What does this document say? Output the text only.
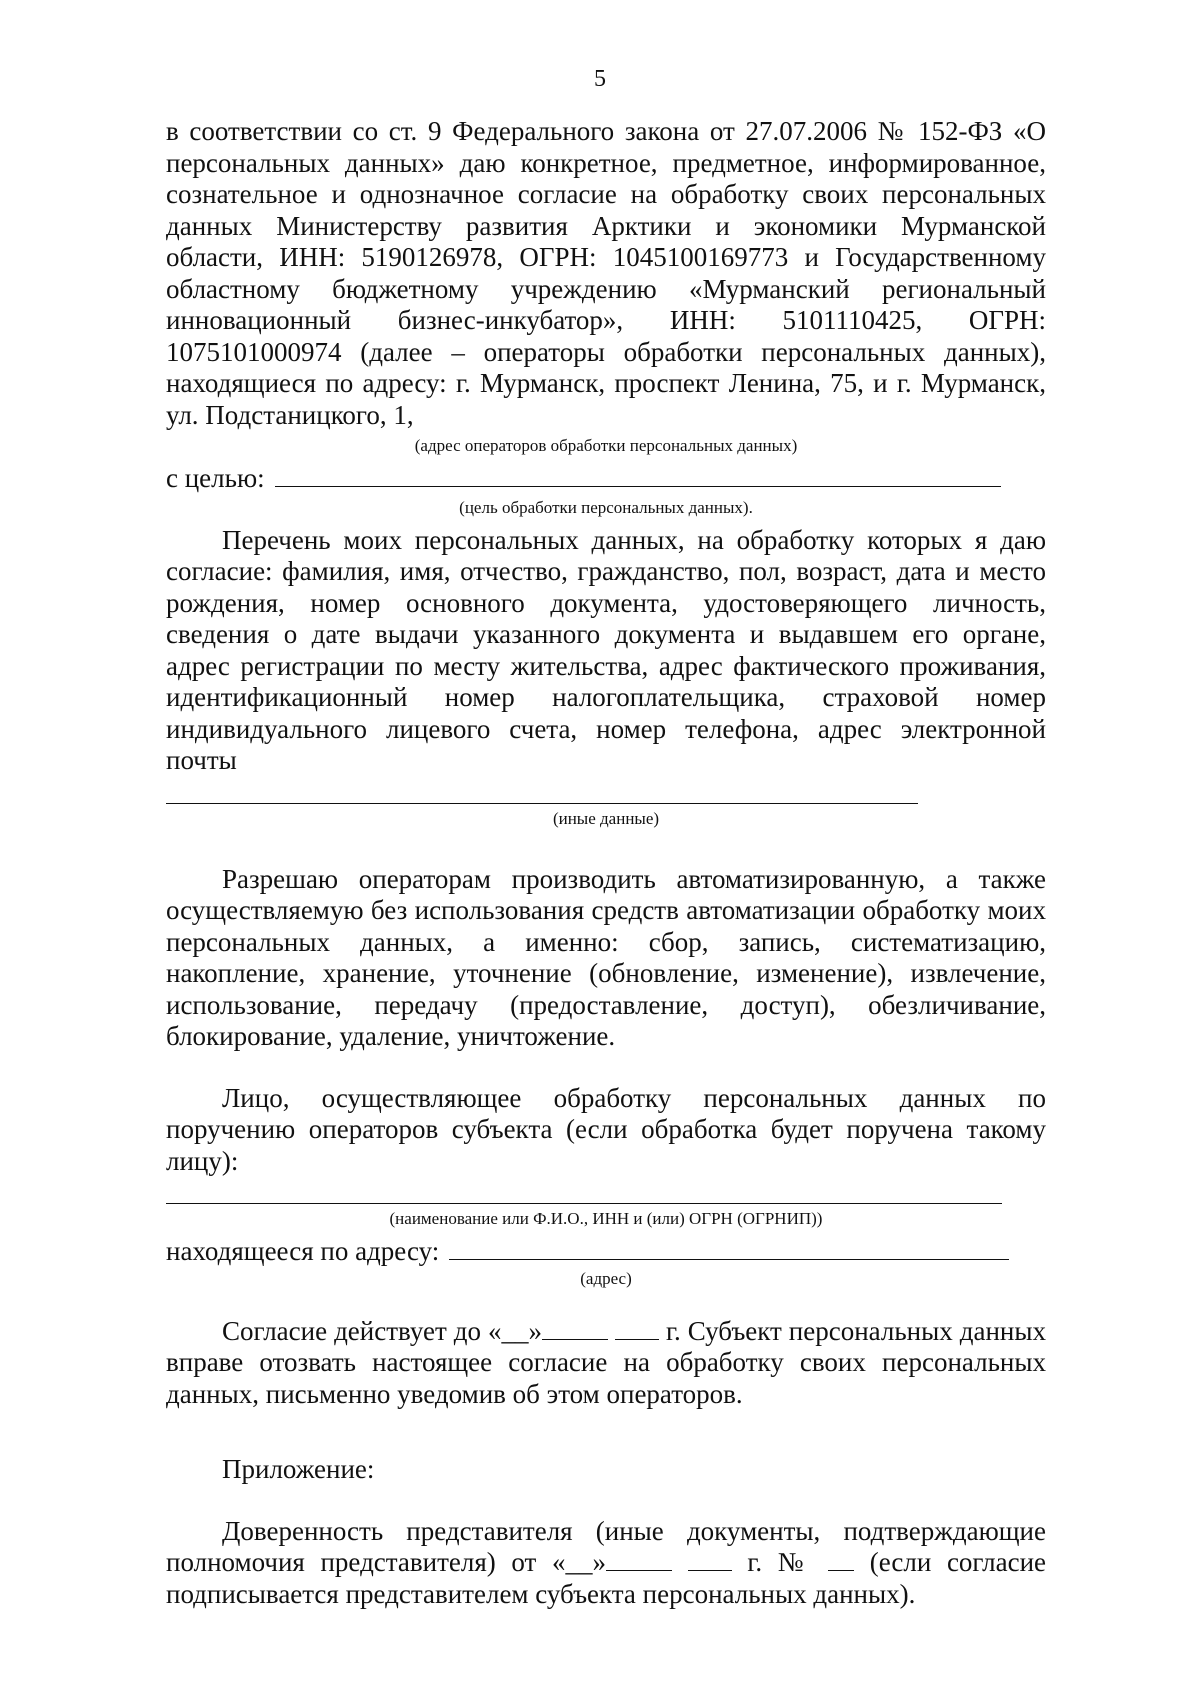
5

в соответствии со ст. 9 Федерального закона от 27.07.2006 № 152-ФЗ «О персональных данных» даю конкретное, предметное, информированное, сознательное и однозначное согласие на обработку своих персональных данных Министерству развития Арктики и экономики Мурманской области, ИНН: 5190126978, ОГРН: 1045100169773 и Государственному областному бюджетному учреждению «Мурманский региональный инновационный бизнес-инкубатор», ИНН: 5101110425, ОГРН: 1075101000974 (далее – операторы обработки персональных данных), находящиеся по адресу: г. Мурманск, проспект Ленина, 75, и г. Мурманск, ул. Подстаницкого, 1,

(адрес операторов обработки персональных данных)
с целью:
(цель обработки персональных данных).

Перечень моих персональных данных, на обработку которых я даю согласие: фамилия, имя, отчество, гражданство, пол, возраст, дата и место рождения, номер основного документа, удостоверяющего личность, сведения о дате выдачи указанного документа и выдавшем его органе, адрес регистрации по месту жительства, адрес фактического проживания, идентификационный номер налогоплательщика, страховой номер индивидуального лицевого счета, номер телефона, адрес электронной почты

(иные данные)

Разрешаю операторам производить автоматизированную, а также осуществляемую без использования средств автоматизации обработку моих персональных данных, а именно: сбор, запись, систематизацию, накопление, хранение, уточнение (обновление, изменение), извлечение, использование, передачу (предоставление, доступ), обезличивание, блокирование, удаление, уничтожение.

Лицо, осуществляющее обработку персональных данных по поручению операторов субъекта (если обработка будет поручена такому лицу):

(наименование или Ф.И.О., ИНН и (или) ОГРН (ОГРНИП))
находящееся по адресу:
(адрес)

Согласие действует до «__»	г. Субъект персональных данных вправе отозвать настоящее согласие на обработку своих персональных данных, письменно уведомив об этом операторов.

Приложение:

Доверенность представителя (иные документы, подтверждающие полномочия представителя) от «__»	г. № (если согласие подписывается представителем субъекта персональных данных).
